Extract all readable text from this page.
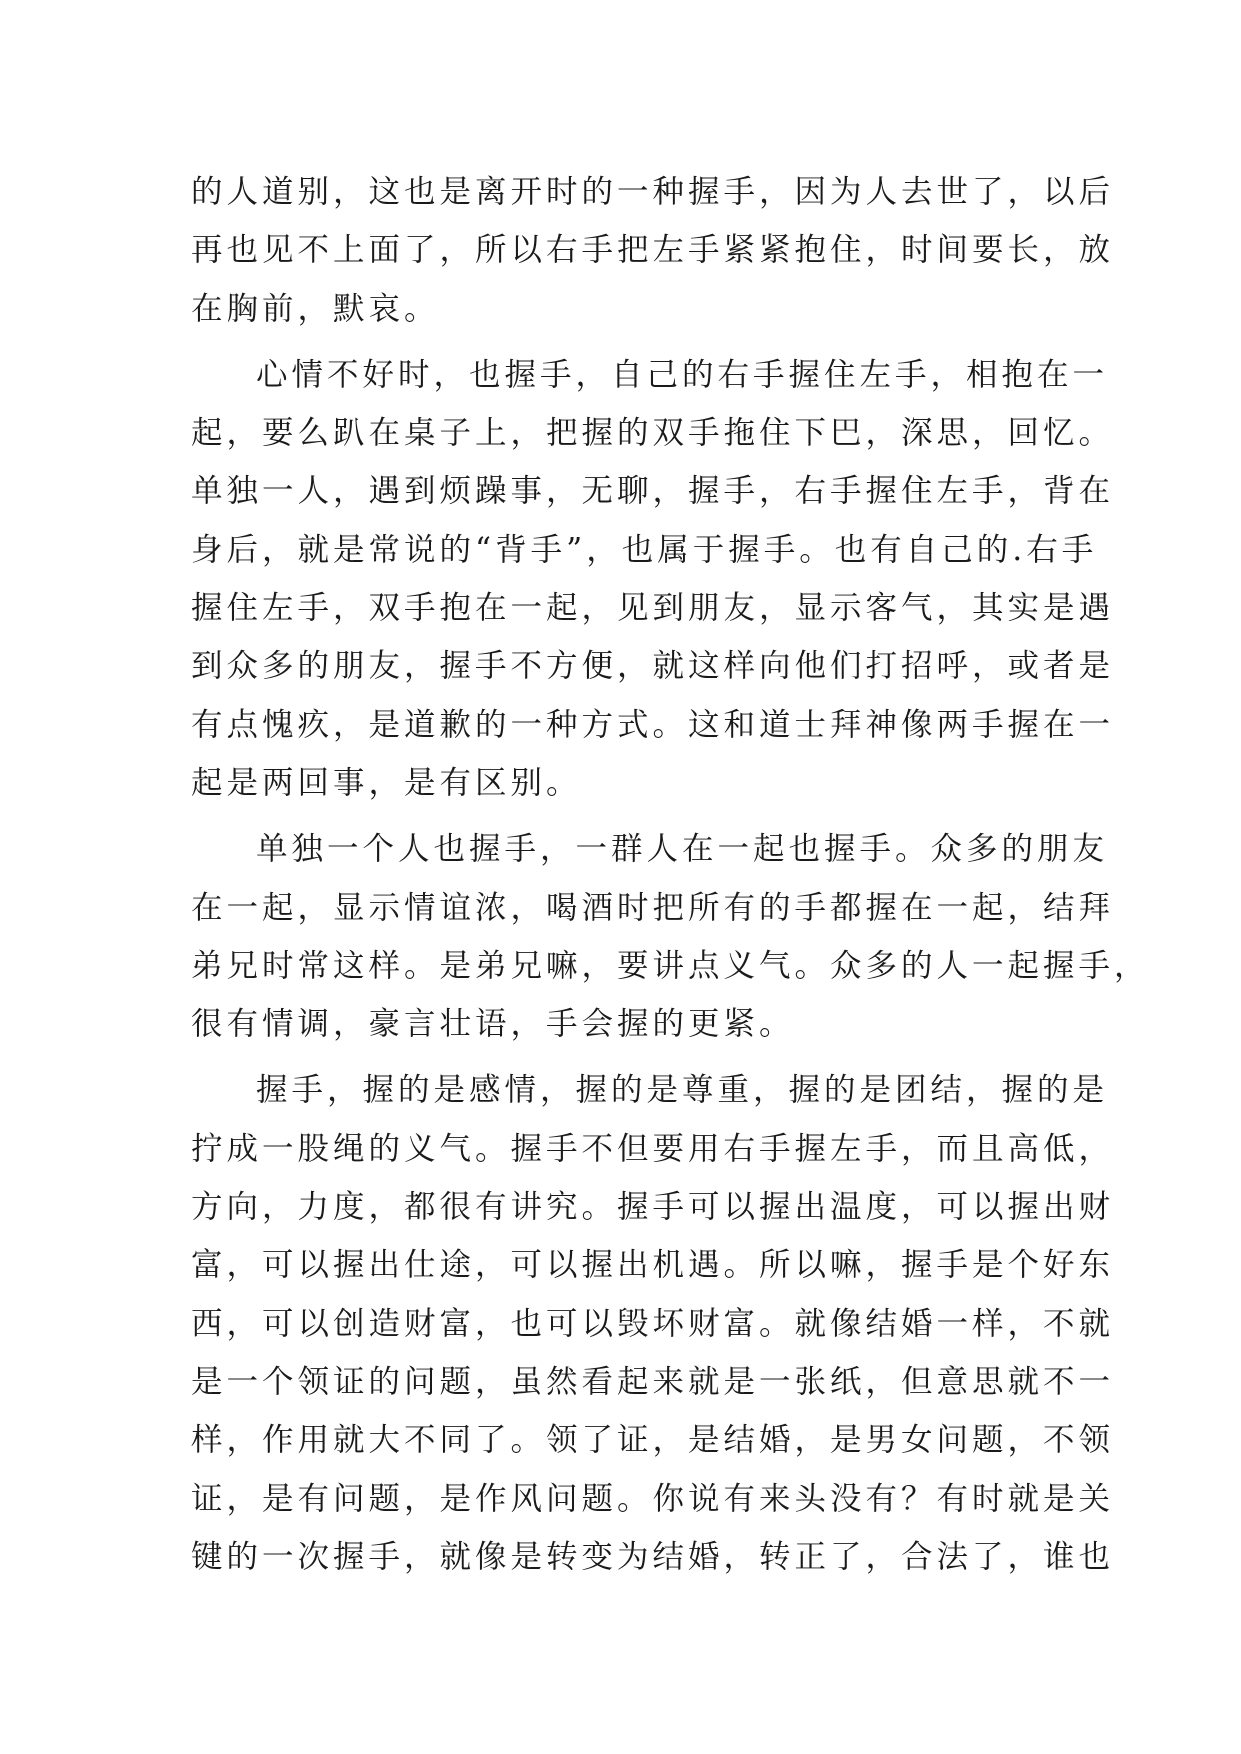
的人道别，这也是离开时的一种握手，因为人去世了，以后
再也见不上面了，所以右手把左手紧紧抱住，时间要长，放
在胸前，默哀。
心情不好时，也握手，自己的右手握住左手，相抱在一
起，要么趴在桌子上，把握的双手拖住下巴，深思，回忆。
单独一人，遇到烦躁事，无聊，握手，右手握住左手，背在
身后，就是常说的“背手”，也属于握手。也有自己的.右手
握住左手，双手抱在一起，见到朋友，显示客气，其实是遇
到众多的朋友，握手不方便，就这样向他们打招呼，或者是
有点愧疚，是道歉的一种方式。这和道士拜神像两手握在一
起是两回事，是有区别。
单独一个人也握手，一群人在一起也握手。众多的朋友
在一起，显示情谊浓，喝酒时把所有的手都握在一起，结拜
弟兄时常这样。是弟兄嘛，要讲点义气。众多的人一起握手，
很有情调，豪言壮语，手会握的更紧。
握手，握的是感情，握的是尊重，握的是团结，握的是
拧成一股绳的义气。握手不但要用右手握左手，而且高低，
方向，力度，都很有讲究。握手可以握出温度，可以握出财
富，可以握出仕途，可以握出机遇。所以嘛，握手是个好东
西，可以创造财富，也可以毁坏财富。就像结婚一样，不就
是一个领证的问题，虽然看起来就是一张纸，但意思就不一
样，作用就大不同了。领了证，是结婚，是男女问题，不领
证，是有问题，是作风问题。你说有来头没有？有时就是关
键的一次握手，就像是转变为结婚，转正了，合法了，谁也
